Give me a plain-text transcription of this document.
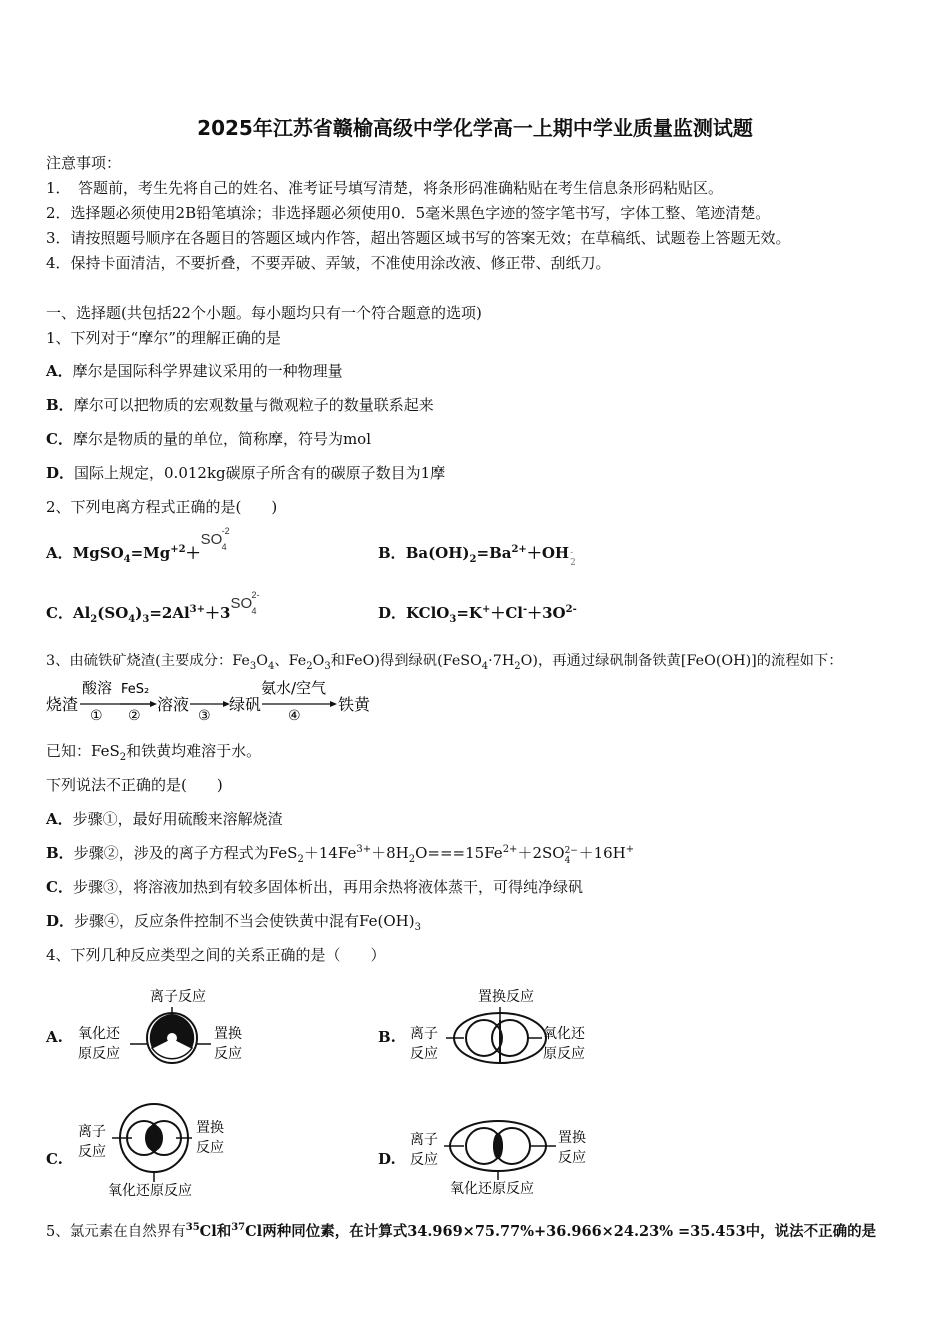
2025年江苏省赣榆高级中学化学高一上期中学业质量监测试题
注意事项：
1．　答题前，考生先将自己的姓名、准考证号填写清楚，将条形码准确粘贴在考生信息条形码粘贴区。
2．选择题必须使用2B铅笔填涂；非选择题必须使用0．5毫米黑色字迹的签字笔书写，字体工整、笔迹清楚。
3．请按照题号顺序在各题目的答题区域内作答，超出答题区域书写的答案无效；在草稿纸、试题卷上答题无效。
4．保持卡面清洁，不要折叠，不要弄破、弄皱，不准使用涂改液、修正带、刮纸刀。
一、选择题(共包括22个小题。每小题均只有一个符合题意的选项)
1、下列对于“摩尔”的理解正确的是
A．摩尔是国际科学界建议采用的一种物理量
B．摩尔可以把物质的宏观数量与微观粒子的数量联系起来
C．摩尔是物质的量的单位，简称摩，符号为mol
D．国际上规定，0.012kg碳原子所含有的碳原子数目为1摩
2、下列电离方程式正确的是(　　)
A．$MgSO_4=Mg^{+2}+SO$ 4
-2
B．$Ba(OH)_2=Ba^{2+}+OH$ -
2
C．$Al_2(SO_4)_3=2Al^{3+}+3SO$ 4
2-
D．$KClO_3=K^++Cl^-+3O^{2-}$
3、由硫铁矿烧渣(主要成分：$Fe_3O_4$、$Fe_2O_3$和FeO)得到绿矾$(FeSO_4\cdot 7H_2O)$，再通过绿矾制备铁黄[FeO(OH)]的流程如下：
烧渣
酸溶
①
FeS₂
②
溶液
③
绿矾
氨水/空气
④
铁黄
已知：FeS$_2$和铁黄均难溶于水。
下列说法不正确的是(　　)
A．步骤①，最好用硫酸来溶解烧渣
B．步骤②，涉及的离子方程式为$FeS_2+14Fe^{3+}+8H_2O===15Fe^{2+}+2SO$ 2−
4 ＋16H+
C．步骤③，将溶液加热到有较多固体析出，再用余热将液体蒸干，可得纯净绿矾
D．步骤④，反应条件控制不当会使铁黄中混有$Fe(OH)_3$
4、下列几种反应类型之间的关系正确的是（　　）
A.
离子反应
氧化还
原反应
置换
反应
B.
置换反应
离子
反应
氧化还
原反应
C.
离子
反应
置换
反应
氧化还原反应
D.
离子
反应
置换
反应
氧化还原反应
5、氯元素在自然界有$^{35}$Cl和$^{37}$Cl两种同位素，在计算式34.969×75.77%+36.966×24.23% =35.453中，说法不正确的是
